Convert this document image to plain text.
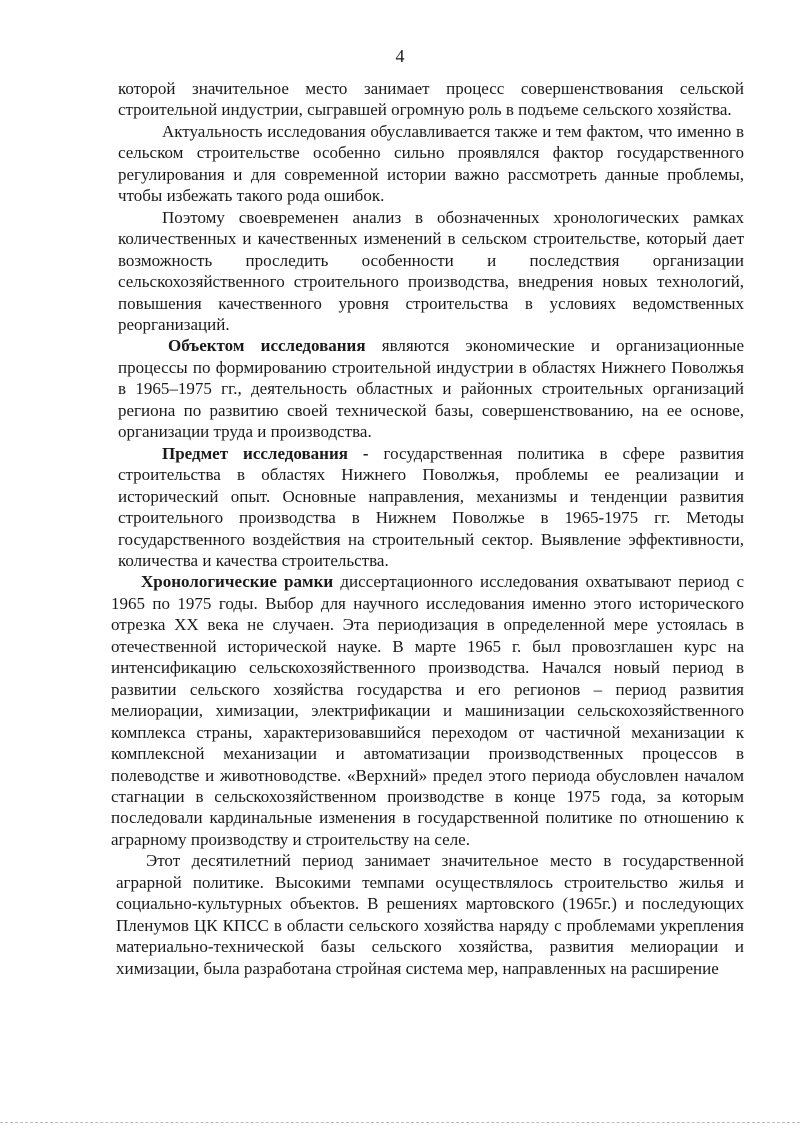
4

которой значительное место занимает процесс совершенствования сельской строительной индустрии, сыгравшей огромную роль в подъеме сельского хозяйства.

Актуальность исследования обуславливается также и тем фактом, что именно в сельском строительстве особенно сильно проявлялся фактор государственного регулирования и для современной истории важно рассмотреть данные проблемы, чтобы избежать такого рода ошибок.

Поэтому своевременен анализ в обозначенных хронологических рамках количественных и качественных изменений в сельском строительстве, который дает возможность проследить особенности и последствия организации сельскохозяйственного строительного производства, внедрения новых технологий, повышения качественного уровня строительства в условиях ведомственных реорганизаций.

Объектом исследования являются экономические и организационные процессы по формированию строительной индустрии в областях Нижнего Поволжья в 1965–1975 гг., деятельность областных и районных строительных организаций региона по развитию своей технической базы, совершенствованию, на ее основе, организации труда и производства.

Предмет исследования - государственная политика в сфере развития строительства в областях Нижнего Поволжья, проблемы ее реализации и исторический опыт. Основные направления, механизмы и тенденции развития строительного производства в Нижнем Поволжье в 1965-1975 гг. Методы государственного воздействия на строительный сектор. Выявление эффективности, количества и качества строительства.

Хронологические рамки диссертационного исследования охватывают период с 1965 по 1975 годы. Выбор для научного исследования именно этого исторического отрезка XX века не случаен. Эта периодизация в определенной мере устоялась в отечественной исторической науке. В марте 1965 г. был провозглашен курс на интенсификацию сельскохозяйственного производства. Начался новый период в развитии сельского хозяйства государства и его регионов – период развития мелиорации, химизации, электрификации и машинизации сельскохозяйственного комплекса страны, характеризовавшийся переходом от частичной механизации к комплексной механизации и автоматизации производственных процессов в полеводстве и животноводстве. «Верхний» предел этого периода обусловлен началом стагнации в сельскохозяйственном производстве в конце 1975 года, за которым последовали кардинальные изменения в государственной политике по отношению к аграрному производству и строительству на селе.

Этот десятилетний период занимает значительное место в государственной аграрной политике. Высокими темпами осуществлялось строительство жилья и социально-культурных объектов. В решениях мартовского (1965г.) и последующих Пленумов ЦК КПСС в области сельского хозяйства наряду с проблемами укрепления материально-технической базы сельского хозяйства, развития мелиорации и химизации, была разработана стройная система мер, направленных на расширение
